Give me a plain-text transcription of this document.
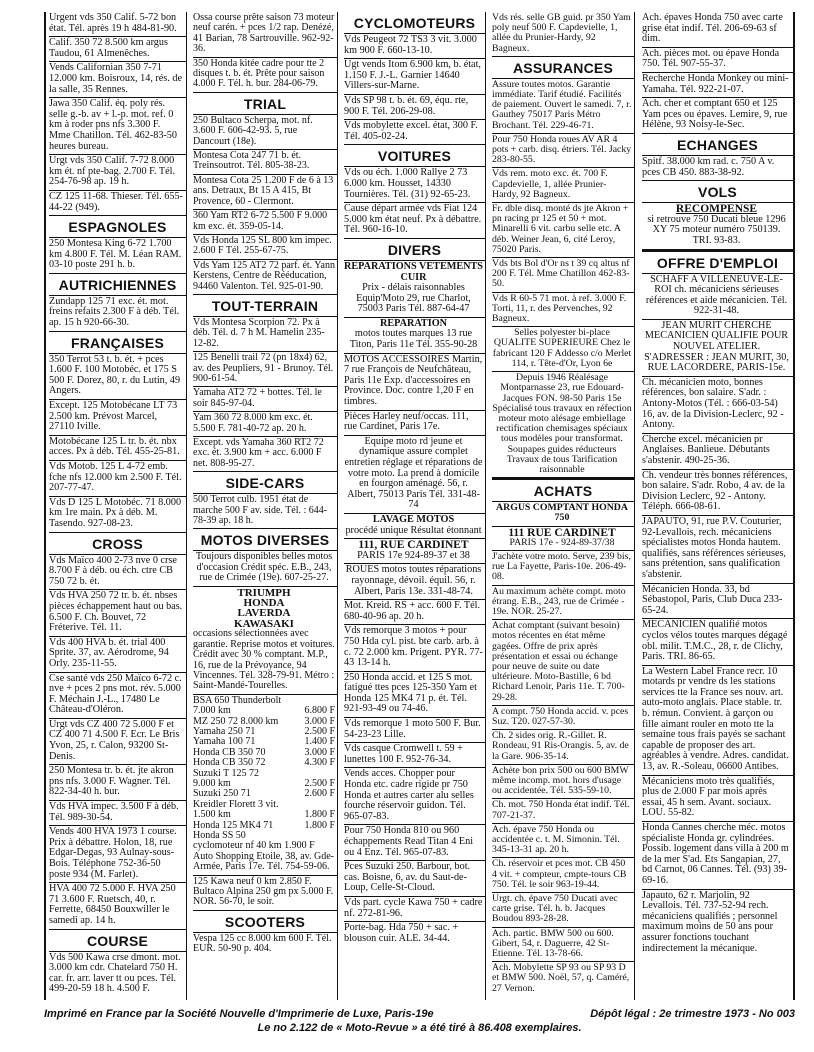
Urgent vds 350 Calif. 5-72 bon état. Tél. après 19 h 484-81-90.
Calif. 350 72 8.500 km argus Taudou, 61 Almenêches.
Vends Californian 350 7-71 12.000 km. Boisroux, 14, rés. de la salle, 35 Rennes.
Jawa 350 Calif. éq. poly rés. selle g.-b. av + l.-p. mot. ref. 0 km à roder pns nfs 3.300 F. Mme Chatillon. Tél. 462-83-50 heures bureau.
Urgt vds 350 Calif. 7-72 8.000 km ét. nf pte-bag. 2.700 F. Tél. 254-76-98 ap. 19 h.
CZ 125 11-68. Thieser. Tél. 655-44-22 (949).
ESPAGNOLES
250 Montesa King 6-72 1.700 km 4.800 F. Tél. M. Léan RAM. 03-10 poste 291 h. b.
AUTRICHIENNES
Zundapp 125 71 exc. ét. mot. freins refaits 2.300 F à déb. Tél. ap. 15 h 920-66-30.
FRANÇAISES
350 Terrot 53 t. b. ét. + pces 1.600 F. 100 Motobéc. et 175 S 500 F. Dorez, 80, r. du Lutin, 49 Angers.
Except. 125 Motobécane LT 73 2.500 km. Prévost Marcel, 27110 Iville.
Motobécane 125 L tr. b. ét. nbx acces. Px à déb. Tél. 455-25-81.
Vds Motob. 125 L 4-72 emb. fche nfs 12.000 km 2.500 F. Tél. 207-77-47.
Vds D 125 L Motobéc. 71 8.000 km 1re main. Px à déb. M. Tasendo. 927-08-23.
CROSS
Vds Maïco 400 2-73 nve 0 crse 8.700 F à déb. ou éch. ctre CB 750 72 b. ét.
Vds HVA 250 72 tr. b. ét. nbses pièces échappement haut ou bas. 6.500 F. Ch. Bouvet, 72 Fréterive. Tél. 11.
Vds 400 HVA b. ét. trial 400 Sprite. 37, av. Aérodrome, 94 Orly. 235-11-55.
Cse santé vds 250 Maïco 6-72 c. nve + pces 2 pns mot. rév. 5.000 F. Méchain J.-L., 17480 Le Château-d'Oléron.
Urgt vds CZ 400 72 5.000 F et CZ 400 71 4.500 F. Ecr. Le Bris Yvon, 25, r. Calon, 93200 St-Denis.
250 Montesa tr. b. ét. jte akron pns nfs. 3.000 F. Wagner. Tél. 822-34-40 h. bur.
Vds HVA impec. 3.500 F à déb. Tél. 989-30-54.
Vends 400 HVA 1973 1 course. Prix à débattre. Holon, 18, rue Edgar-Degas, 93 Aulnay-sous-Bois. Téléphone 752-36-50 poste 934 (M. Farlet).
HVA 400 72 5.000 F. HVA 250 71 3.600 F. Ruetsch, 40, r. Ferrette, 68450 Bouxwiller le samedi ap. 14 h.
COURSE
Vds 500 Kawa crse dmont. mot. 3.000 km cdr. Chatelard 750 H. car. fr. arr. laver tt ou pces. Tél. 499-20-59 18 h. 4.500 F.
Ossa course prête saison 73 moteur neuf carén. + pces 1/2 rap. Denézé, 41 Barian, 78 Sartrouville. 962-92-36.
350 Honda kitée cadre pour tte 2 disques t. b. ét. Prête pour saison 4.000 F. Tél. h. bur. 284-06-79.
TRIAL
250 Bultaco Scherpa, mot. nf. 3.600 F. 606-42-93. 5, rue Dancourt (18e).
Montesa Cota 247 71 b. ét. Treinsoutrot. Tél. 805-38-23.
Montesa Cota 25 1.200 F de 6 à 13 ans. Detraux, Bt 15 A 415, Bt Provence, 60 - Clermont.
360 Yam RT2 6-72 5.500 F 9.000 km exc. ét. 359-05-14.
Vds Honda 125 SL 800 km impec. 2.600 F Tél. 255-67-75.
Vds Yam 125 AT2 72 parf. ét. Yann Kerstens, Centre de Rééducation, 94460 Valenton. Tél. 925-01-90.
TOUT-TERRAIN
Vds Montesa Scorpion 72. Px à déb. Tél. d. 7 h M. Hamelin 235-12-82.
125 Benelli trail 72 (pn 18x4) 62, av. des Peupliers, 91 - Brunoy. Tél. 900-61-54.
Yamaha AT2 72 + bottes. Tél. le soir 845-97-04.
Yam 360 72 8.000 km exc. ét. 5.500 F. 781-40-72 ap. 20 h.
Except. vds Yamaha 360 RT2 72 exc. ét. 3.900 km + acc. 6.000 F net. 808-95-27.
SIDE-CARS
500 Terrot culb. 1951 état de marche 500 F av. side. Tél. : 644-78-39 ap. 18 h.
MOTOS DIVERSES
Toujours disponibles belles motos d'occasion Crédit spéc. E.B., 243, rue de Crimée (19e). 607-25-27.
TRIUMPH
HONDA
LAVERDA
KAWASAKI
occasions sélectionnées avec garantie. Reprise motos et voitures. Crédit avec 30 % comptant. M.P., 16, rue de la Prévoyance, 94 Vincennes. Tél. 328-79-91. Métro : Saint-Mandé-Tourelles.
BSA 650 Thunderbolt
7.000 km	6.800 F
MZ 250 72 8.000 km	3.000 F
Yamaha 250 71	2.500 F
Yamaha 100 71	1.400 F
Honda CB 350 70	3.000 F
Honda CB 350 72	4.300 F
Suzuki T 125 72
9.000 km	2.500 F
Suzuki 250 71	2.600 F
Kreidler Florett 3 vit.
1.500 km	1.800 F
Honda 125 MK4 71	1.800 F
Honda SS 50
cyclomoteur nf 40 km 1.900 F Auto Shopping Etoile, 38, av. Gde-Armée, Paris 17e. Tél. 754-59-06.
125 Kawa neuf 0 km 2.850 F. Bultaco Alpina 250 gm px 5.000 F. NOR. 56-70, le soir.
SCOOTERS
Vespa 125 cc 8.000 km 600 F. Tél. EUR. 50-90 p. 404.
CYCLOMOTEURS
Vds Peugeot 72 TS3 3 vit. 3.000 km 900 F. 660-13-10.
Ugt vends Itom 6.900 km, b. état, 1.150 F. J.-L. Garnier 14640 Villers-sur-Marne.
Vds SP 98 t. b. ét. 69, équ. rte, 900 F. Tél. 206-29-08.
Vds mobylette excel. état, 300 F. Tél. 405-02-24.
VOITURES
Vds ou éch. 1.000 Rallye 2 73 6.000 km. Housset, 14330 Tournières. Tél. (31) 92-65-23.
Cause départ armée vds Fiat 124 5.000 km état neuf. Px à débattre. Tél. 960-16-10.
DIVERS
REPARATIONS VETEMENTS CUIR
Prix - délais raisonnables Equip'Moto 29, rue Charlot, 75003 Paris Tél. 887-64-47
REPARATION
motos toutes marques 13 rue Titon, Paris 11e Tél. 355-90-28
MOTOS ACCESSOIRES Martin, 7 rue François de Neufchâteau, Paris 11e Exp. d'accessoires en Province. Doc. contre 1,20 F en timbres.
Pièces Harley neuf/occas. 111, rue Cardinet, Paris 17e.
Equipe moto rd jeune et dynamique assure complet entretien réglage et réparations de votre moto. La prend à domicile en fourgon aménagé. 56, r. Albert, 75013 Paris Tél. 331-48-74
LAVAGE MOTOS
procédé unique Résultat étonnant
111, RUE CARDINET
PARIS 17e 924-89-37 et 38
ROUES motos toutes réparations rayonnage, dévoil. équil. 56, r. Albert, Paris 13e. 331-48-74.
Mot. Kreid. RS + acc. 600 F. Tél. 680-40-96 ap. 20 h.
Vds remorque 3 motos + pour 750 Hda cyl. pist. bte carb. arb. à c. 72 2.000 km. Prigent. PYR. 77-43 13-14 h.
250 Honda accid. et 125 S mot. fatigué ttes pces 125-350 Yam et Honda 125 MK4 71 p. ét. Tél. 921-93-49 ou 74-46.
Vds remorque 1 moto 500 F. Bur. 54-23-23 Lille.
Vds casque Cromwell t. 59 + lunettes 100 F. 952-76-34.
Vends acces. Chopper pour Honda etc. cadre rigide pr 750 Honda et autres carter alu selles fourche réservoir guidon. Tél. 965-07-83.
Pour 750 Honda 810 ou 960 échappements Read Titan 4 Eni ou 4 Enz. Tél. 965-07-83.
Pces Suzuki 250. Barbour, bot. cas. Boisne, 6, av. du Saut-de-Loup, Celle-St-Cloud.
Vds part. cycle Kawa 750 + cadre nf. 272-81-96.
Porte-bag. Hda 750 + sac. + blouson cuir. ALE. 34-44.
Vds rés. selle GB guid. pr 350 Yam poly neuf 500 F. Capdevielle, 1, allée du Prunier-Hardy, 92 Bagneux.
ASSURANCES
Assure toutes motos. Garantie immédiate. Tarif étudié. Facilités de paiement. Ouvert le samedi. 7, r. Gauthey 75017 Paris Métro Brochant. Tél. 229-46-71.
Pour 750 Honda roues AV AR 4 pots + carb. disq. étriers. Tél. Jacky 283-80-55.
Vds rem. moto exc. ét. 700 F. Capdevielle, 1, allée Prunier-Hardy, 92 Bagneux.
Fr. dble disq. monté ds jte Akron + pn racing pr 125 et 50 + mot. Minarelli 6 vit. carbu selle etc. A déb. Weiner Jean, 6, cité Leroy, 75020 Paris.
Vds bts Bol d'Or ns t 39 cq altus nf 200 F. Tél. Mme Chatillon 462-83-50.
Vds R 60-5 71 mot. à ref. 3.000 F. Torti, 11, r. des Pervenches, 92 Bagneux.
Selles polyester bi-place QUALITE SUPERIEURE Chez le fabricant 120 F Addesso c/o Merlet 114, r. Tête-d'Or, Lyon 6e
Depuis 1946 Réalésage Montparnasse 23, rue Edouard-Jacques FON. 98-50 Paris 15e Spécialisé tous travaux en réfection moteur moto alésage embiellage rectification chemisages spéciaux tous modèles pour transformat. Soupapes guides réducteurs Travaux de tous Tarification raisonnable
ACHATS
ARGUS COMPTANT HONDA 750
111 RUE CARDINET
PARIS 17e - 924-89-37/38
J'achète votre moto. Serve, 239 bis, rue La Fayette, Paris-10e. 206-49-08.
Au maximum achète compt. moto étrang. E.B., 243, rue de Crimée - 19e. NOR. 25-27.
Achat comptant (suivant besoin) motos récentes en état même gagées. Offre de prix après présentation et essai ou échange pour neuve de suite ou date ultérieure. Moto-Bastille, 6 bd Richard Lenoir, Paris 11e. T. 700-29-28.
A compt. 750 Honda accid. v. pces Suz. T20. 027-57-30.
Ch. 2 sides orig. R.-Gillet. R. Rondeau, 91 Ris-Orangis. 5, av. de la Gare. 906-35-14.
Achète bon prix 500 ou 600 BMW même incomp. mot. hors d'usage ou accidentée. Tél. 535-59-10.
Ch. mot. 750 Honda état indif. Tél. 707-21-37.
Ach. épave 750 Honda ou accidentée c. t. M. Simonin. Tél. 345-13-31 ap. 20 h.
Ch. réservoir et pces mot. CB 450 4 vit. + compteur, cmpte-tours CB 750. Tél. le soir 963-19-44.
Urgt. ch. épave 750 Ducati avec carte grise. Tél. h. b. Jacques Boudou 893-28-28.
Ach. partic. BMW 500 ou 600. Gibert, 54, r. Daguerre, 42 St-Etienne. Tél. 13-78-66.
Ach. Mobylette SP 93 ou SP 93 D et BMW 500. Noël, 57, q. Caméré, 27 Vernon.
Ach. épaves Honda 750 avec carte grise état indif. Tél. 206-69-63 sf dim.
Ach. pièces mot. ou épave Honda 750. Tél. 907-55-37.
Recherche Honda Monkey ou mini-Yamaha. Tél. 922-21-07.
Ach. cher et comptant 650 et 125 Yam pces ou épaves. Lemire, 9, rue Hélène, 93 Noisy-le-Sec.
ECHANGES
Spitf. 38.000 km rad. c. 750 A v. pces CB 450. 883-38-92.
VOLS
RECOMPENSE
si retrouve 750 Ducati bleue 1296 XY 75 moteur numéro 750139. TRI. 93-83.
OFFRE D'EMPLOI
SCHAFF A VILLENEUVE-LE-ROI ch. mécaniciens sérieuses références et aide mécanicien. Tél. 922-31-48.
JEAN MURIT CHERCHE MECANICIEN QUALIFIE POUR NOUVEL ATELIER. S'ADRESSER : JEAN MURIT, 30, RUE LACORDERE, PARIS-15e.
Ch. mécanicien moto, bonnes références, bon salaire. S'adr. : Antony-Motos (Tél. : 666-03-54) 16, av. de la Division-Leclerc, 92 - Antony.
Cherche excel. mécanicien pr Anglaises. Banlieue. Débutants s'abstenir. 490-25-36.
Ch. vendeur très bonnes références, bon salaire. S'adr. Robo, 4 av. de la Division Leclerc, 92 - Antony. Téléph. 666-08-61.
JAPAUTO, 91, rue P.V. Couturier, 92-Levallois, rech. mécaniciens spécialistes motos Honda hautem. qualifiés, sans références sérieuses, sans prétention, sans qualification s'abstenir.
Mécanicien Honda. 33, bd Sébastopol, Paris, Club Duca 233-65-24.
MECANICIEN qualifié motos cyclos vélos toutes marques dégagé obl. milit. T.M.C., 28, r. de Clichy, Paris. TRI. 86-65.
La Western Label France recr. 10 motards pr vendre ds les stations services tte la France ses nouv. art. auto-moto anglais. Place stable. tr. b. rémun. Convient. à garçon ou fille aimant rouler en moto tte la semaine tous frais payés se sachant capable de proposer des art. agréables à vendre. Adres. candidat. 13, av. R.-Soleau, 06600 Antibes.
Mécaniciens moto très qualifiés, plus de 2.000 F par mois après essai, 45 h sem. Avant. sociaux. LOU. 55-82.
Honda Cannes cherche méc. motos spécialiste Honda gr. cylindrées. Possib. logement dans villa à 200 m de la mer S'ad. Ets Sangapian, 27, bd Carnot, 06 Cannes. Tél. (93) 39-69-16.
Japauto, 62 r. Marjolin, 92 Levallois. Tél. 737-52-94 rech. mécaniciens qualifiés ; personnel maximum moins de 50 ans pour assurer fonctions touchant indirectement la mécanique.
Imprimé en France par la Société Nouvelle d'Imprimerie de Luxe, Paris-19e	Dépôt légal : 2e trimestre 1973 - No 003
Le no 2.122 de « Moto-Revue » a été tiré à 86.408 exemplaires.
